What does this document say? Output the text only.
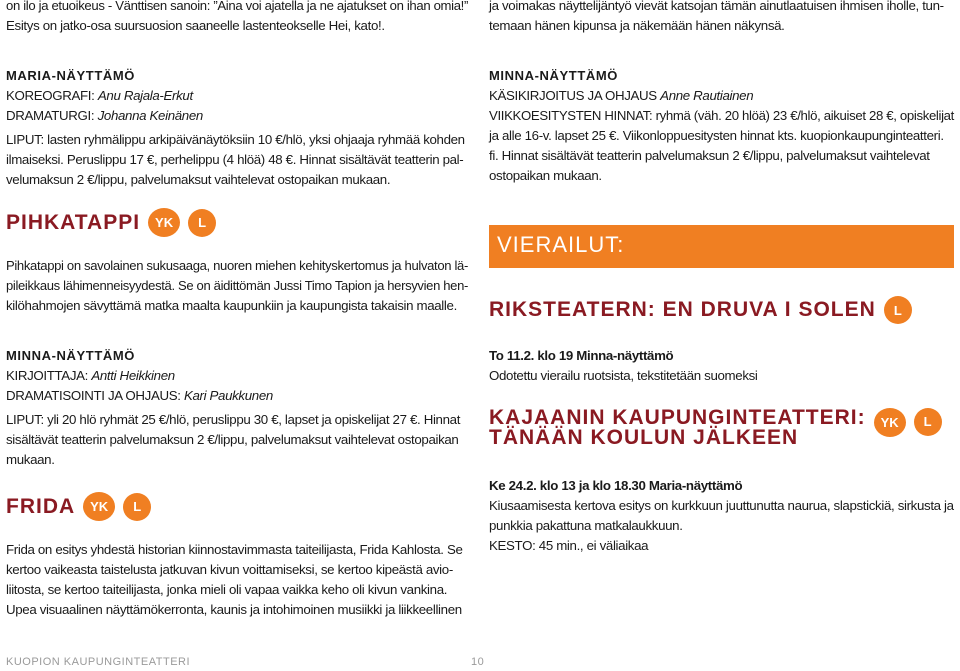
on ilo ja etuoikeus - Vänttisen sanoin: ”Aina voi ajatella ja ne ajatukset on ihan omia!”

Esitys on jatko-osa suursuosion saaneelle lastenteokselle Hei, kato!.

MARIA-NÄYTTÄMÖ

KOREOGRAFI: Anu Rajala-Erkut

DRAMATURGI: Johanna Keinänen

LIPUT: lasten ryhmälippu arkipäivänäytöksiin 10 €/hlö, yksi ohjaaja ryhmää kohden

ilmaiseksi. Peruslippu 17 €, perhelippu (4 hlöä) 48 €. Hinnat sisältävät teatterin pal-

velumaksun 2 €/lippu, palvelumaksut vaihtelevat ostopaikan mukaan.

PIHKATAPPI	YK	L

Pihkatappi on savolainen sukusaaga, nuoren miehen kehityskertomus ja hulvaton lä-

pileikkaus lähimenneisyydestä. Se on äidittömän Jussi Timo Tapion ja hersyvien hen-

kilöhahmojen sävyttämä matka maalta kaupunkiin ja kaupungista takaisin maalle.

MINNA-NÄYTTÄMÖ

KIRJOITTAJA: Antti Heikkinen

DRAMATISOINTI JA OHJAUS: Kari Paukkunen

LIPUT: yli 20 hlö ryhmät 25 €/hlö, peruslippu 30 €, lapset ja opiskelijat 27 €. Hinnat

sisältävät teatterin palvelumaksun 2 €/lippu, palvelumaksut vaihtelevat ostopaikan

mukaan.

FRIDA	YK	L

Frida on esitys yhdestä historian kiinnostavimmasta taiteilijasta, Frida Kahlosta. Se

kertoo vaikeasta taistelusta jatkuvan kivun voittamiseksi, se kertoo kipeästä avio-

liitosta, se kertoo taiteilijasta, jonka mieli oli vapaa vaikka keho oli kivun vankina.

Upea visuaalinen näyttämökerronta, kaunis ja intohimoinen musiikki ja liikkeellinen

ja voimakas näyttelijäntyö vievät katsojan tämän ainutlaatuisen ihmisen iholle, tun-

temaan hänen kipunsa ja näkemään hänen näkynsä.

MINNA-NÄYTTÄMÖ

KÄSIKIRJOITUS JA OHJAUS Anne Rautiainen

VIIKKOESITYSTEN HINNAT: ryhmä (väh. 20 hlöä) 23 €/hlö, aikuiset 28 €, opiskelijat

ja alle 16-v. lapset 25 €. Viikonloppuesitysten hinnat kts. kuopionkaupunginteatteri.

fi. Hinnat sisältävät teatterin palvelumaksun 2 €/lippu, palvelumaksut vaihtelevat

ostopaikan mukaan.

VIERAILUT:
RIKSTEATERN: EN DRUVA I SOLEN	L

To 11.2. klo 19 Minna-näyttämö

Odotettu vierailu ruotsista, tekstitetään suomeksi

KAJAANIN KAUPUNGINTEATTERI:
TÄNÄÄN KOULUN JÄLKEEN
YK	L

Ke 24.2. klo 13 ja klo 18.30 Maria-näyttämö

Kiusaamisesta kertova esitys on kurkkuun juuttunutta naurua, slapstickiä, sirkusta ja

punkkia pakattuna matkalaukkuun.

KESTO: 45 min., ei väliaikaa

KUOPION KAUPUNGINTEATTERI	10
